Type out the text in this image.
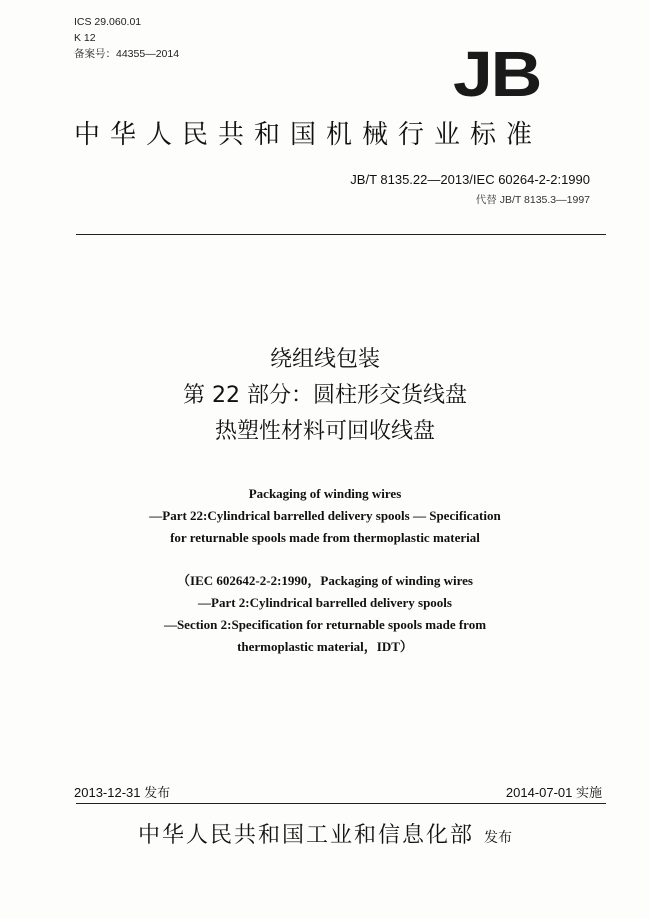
ICS 29.060.01
K 12
备案号：44355—2014	JB
中华人民共和国机械行业标准
JB/T 8135.22—2013/IEC 60264-2-2:1990
代替 JB/T 8135.3—1997
绕组线包装
第 22 部分：圆柱形交货线盘
热塑性材料可回收线盘
Packaging of winding wires
—Part 22:Cylindrical barrelled delivery spools — Specification
for returnable spools made from thermoplastic material
（IEC 602642-2-2:1990，Packaging of winding wires
—Part 2:Cylindrical barrelled delivery spools
—Section 2:Specification for returnable spools made from
thermoplastic material，IDT）
2013-12-31 发布	2014-07-01 实施
中华人民共和国工业和信息化部 发布
